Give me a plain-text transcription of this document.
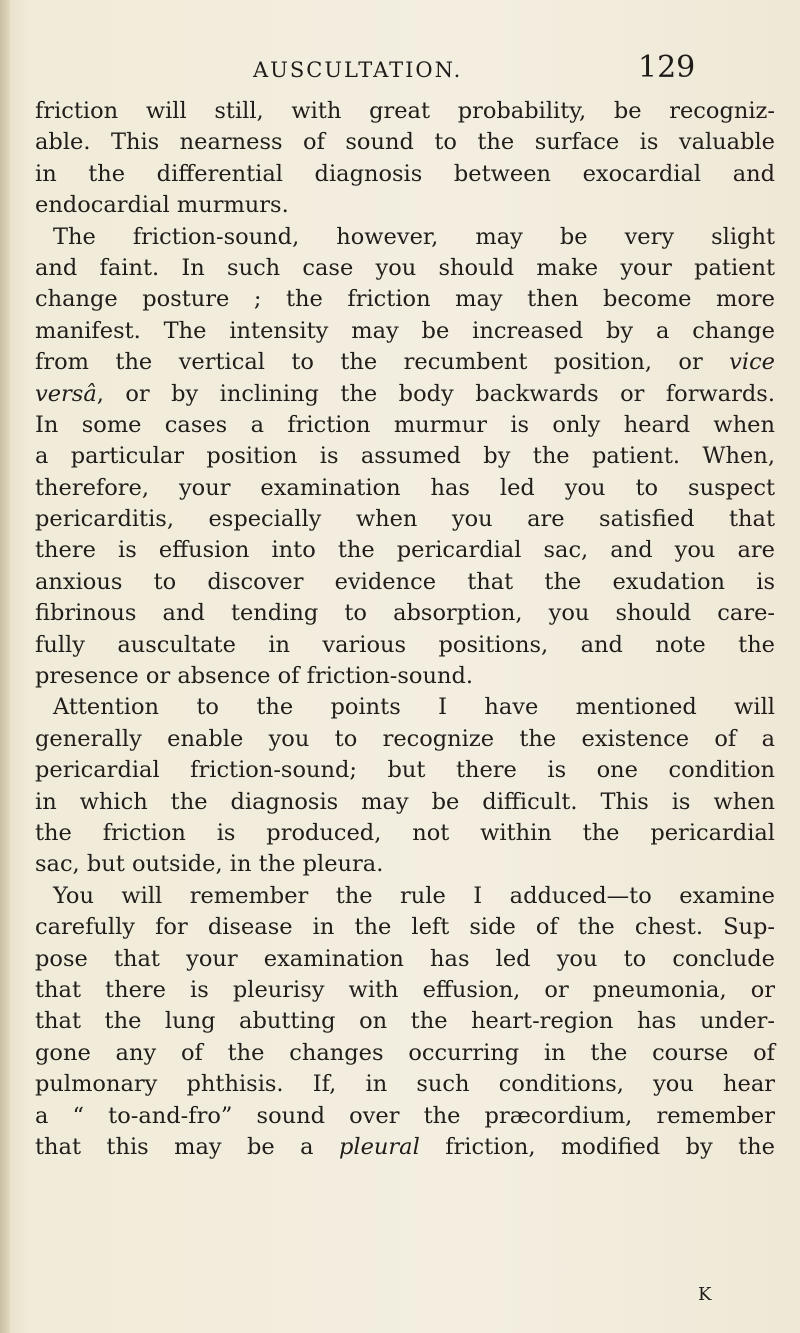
AUSCULTATION.	129
friction will still, with great probability, be recogniz-
able. This nearness of sound to the surface is valuable
in the differential diagnosis between exocardial and
endocardial murmurs.
The friction-sound, however, may be very slight
and faint. In such case you should make your patient
change posture ; the friction may then become more
manifest. The intensity may be increased by a change
from the vertical to the recumbent position, or vice
versâ, or by inclining the body backwards or forwards.
In some cases a friction murmur is only heard when
a particular position is assumed by the patient. When,
therefore, your examination has led you to suspect
pericarditis, especially when you are satisfied that
there is effusion into the pericardial sac, and you are
anxious to discover evidence that the exudation is
fibrinous and tending to absorption, you should care-
fully auscultate in various positions, and note the
presence or absence of friction-sound.
Attention to the points I have mentioned will
generally enable you to recognize the existence of a
pericardial friction-sound; but there is one condition
in which the diagnosis may be difficult. This is when
the friction is produced, not within the pericardial
sac, but outside, in the pleura.
You will remember the rule I adduced—to examine
carefully for disease in the left side of the chest. Sup-
pose that your examination has led you to conclude
that there is pleurisy with effusion, or pneumonia, or
that the lung abutting on the heart-region has under-
gone any of the changes occurring in the course of
pulmonary phthisis. If, in such conditions, you hear
a “ to-and-fro” sound over the præcordium, remember
that this may be a pleural friction, modified by the
K
